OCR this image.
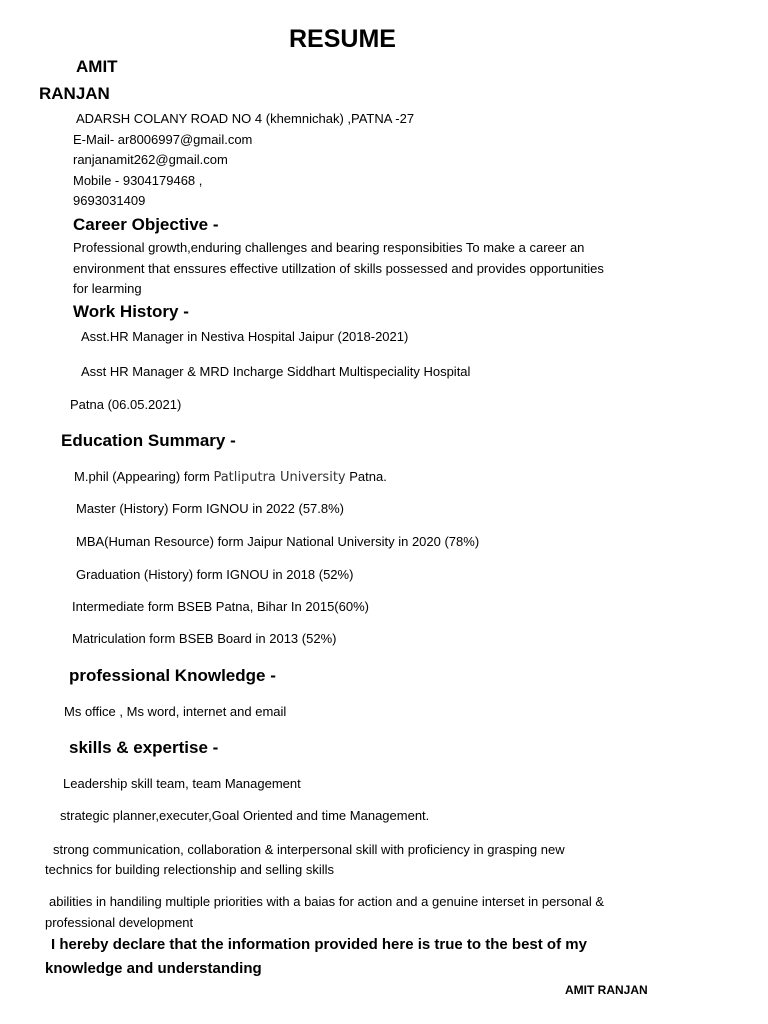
RESUME
AMIT
RANJAN
ADARSH COLANY ROAD NO 4 (khemnichak) ,PATNA -27
E-Mail- ar8006997@gmail.com
ranjanamit262@gmail.com
Mobile - 9304179468 ,
9693031409
Career Objective -
Professional growth,enduring challenges and bearing responsibities To make a career an
environment that enssures effective utillzation of skills possessed and provides opportunities
for learming
Work History -
Asst.HR Manager in Nestiva Hospital Jaipur (2018-2021)
Asst HR Manager & MRD Incharge Siddhart Multispeciality Hospital
Patna (06.05.2021)
Education Summary -
M.phil (Appearing) form Patliputra University Patna.
Master (History) Form IGNOU in 2022 (57.8%)
MBA(Human Resource) form Jaipur National University in 2020 (78%)
Graduation (History) form IGNOU in 2018 (52%)
Intermediate form BSEB Patna, Bihar In 2015(60%)
Matriculation form BSEB Board in 2013 (52%)
professional Knowledge -
Ms office , Ms word, internet and email
skills & expertise -
Leadership skill team, team Management
strategic planner,executer,Goal Oriented and time Management.
strong communication, collaboration & interpersonal skill with proficiency in grasping new
technics for building relectionship and selling skills
abilities in handiling multiple priorities with a baias for action and a genuine interset in personal &
professional development
I hereby declare that the information provided here is true to the best of my
knowledge and understanding
AMIT RANJAN
